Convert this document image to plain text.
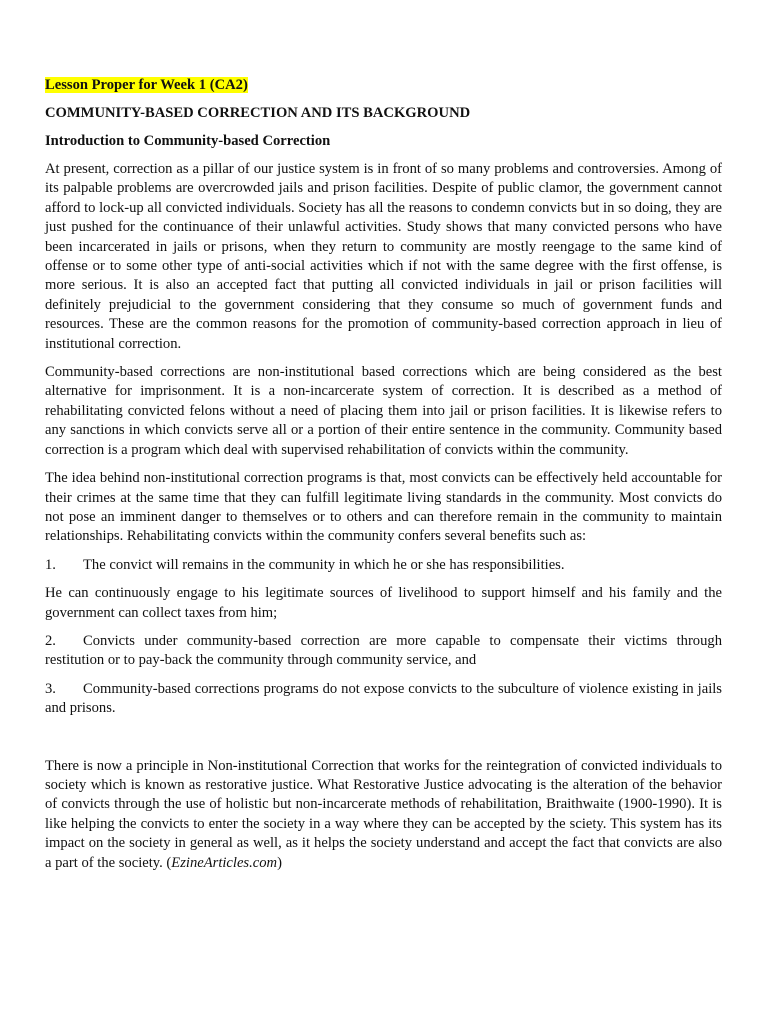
Lesson Proper for Week 1 (CA2)
COMMUNITY-BASED CORRECTION AND ITS BACKGROUND
Introduction to Community-based Correction

At present, correction as a pillar of our justice system is in front of so many problems and controversies. Among of its palpable problems are overcrowded jails and prison facilities. Despite of public clamor, the government cannot afford to lock-up all convicted individuals. Society has all the reasons to condemn convicts but in so doing, they are just pushed for the continuance of their unlawful activities. Study shows that many convicted persons who have been incarcerated in jails or prisons, when they return to community are mostly reengage to the same kind of offense or to some other type of anti-social activities which if not with the same degree with the first offense, is more serious. It is also an accepted fact that putting all convicted individuals in jail or prison facilities will definitely prejudicial to the government considering that they consume so much of government funds and resources. These are the common reasons for the promotion of community-based correction approach in lieu of institutional correction.

Community-based corrections are non-institutional based corrections which are being considered as the best alternative for imprisonment. It is a non-incarcerate system of correction. It is described as a method of rehabilitating convicted felons without a need of placing them into jail or prison facilities. It is likewise refers to any sanctions in which convicts serve all or a portion of their entire sentence in the community. Community based correction is a program which deal with supervised rehabilitation of convicts within the community.

The idea behind non-institutional correction programs is that, most convicts can be effectively held accountable for their crimes at the same time that they can fulfill legitimate living standards in the community. Most convicts do not pose an imminent danger to themselves or to others and can therefore remain in the community to maintain relationships. Rehabilitating convicts within the community confers several benefits such as:

1. The convict will remains in the community in which he or she has responsibilities.

He can continuously engage to his legitimate sources of livelihood to support himself and his family and the government can collect taxes from him;

2. Convicts under community-based correction are more capable to compensate their victims through restitution or to pay-back the community through community service, and
3. Community-based corrections programs do not expose convicts to the subculture of violence existing in jails and prisons.

There is now a principle in Non-institutional Correction that works for the reintegration of convicted individuals to society which is known as restorative justice. What Restorative Justice advocating is the alteration of the behavior of convicts through the use of holistic but non-incarcerate methods of rehabilitation, Braithwaite (1900-1990). It is like helping the convicts to enter the society in a way where they can be accepted by the sciety. This system has its impact on the society in general as well, as it helps the society understand and accept the fact that convicts are also a part of the society. (EzineArticles.com)
